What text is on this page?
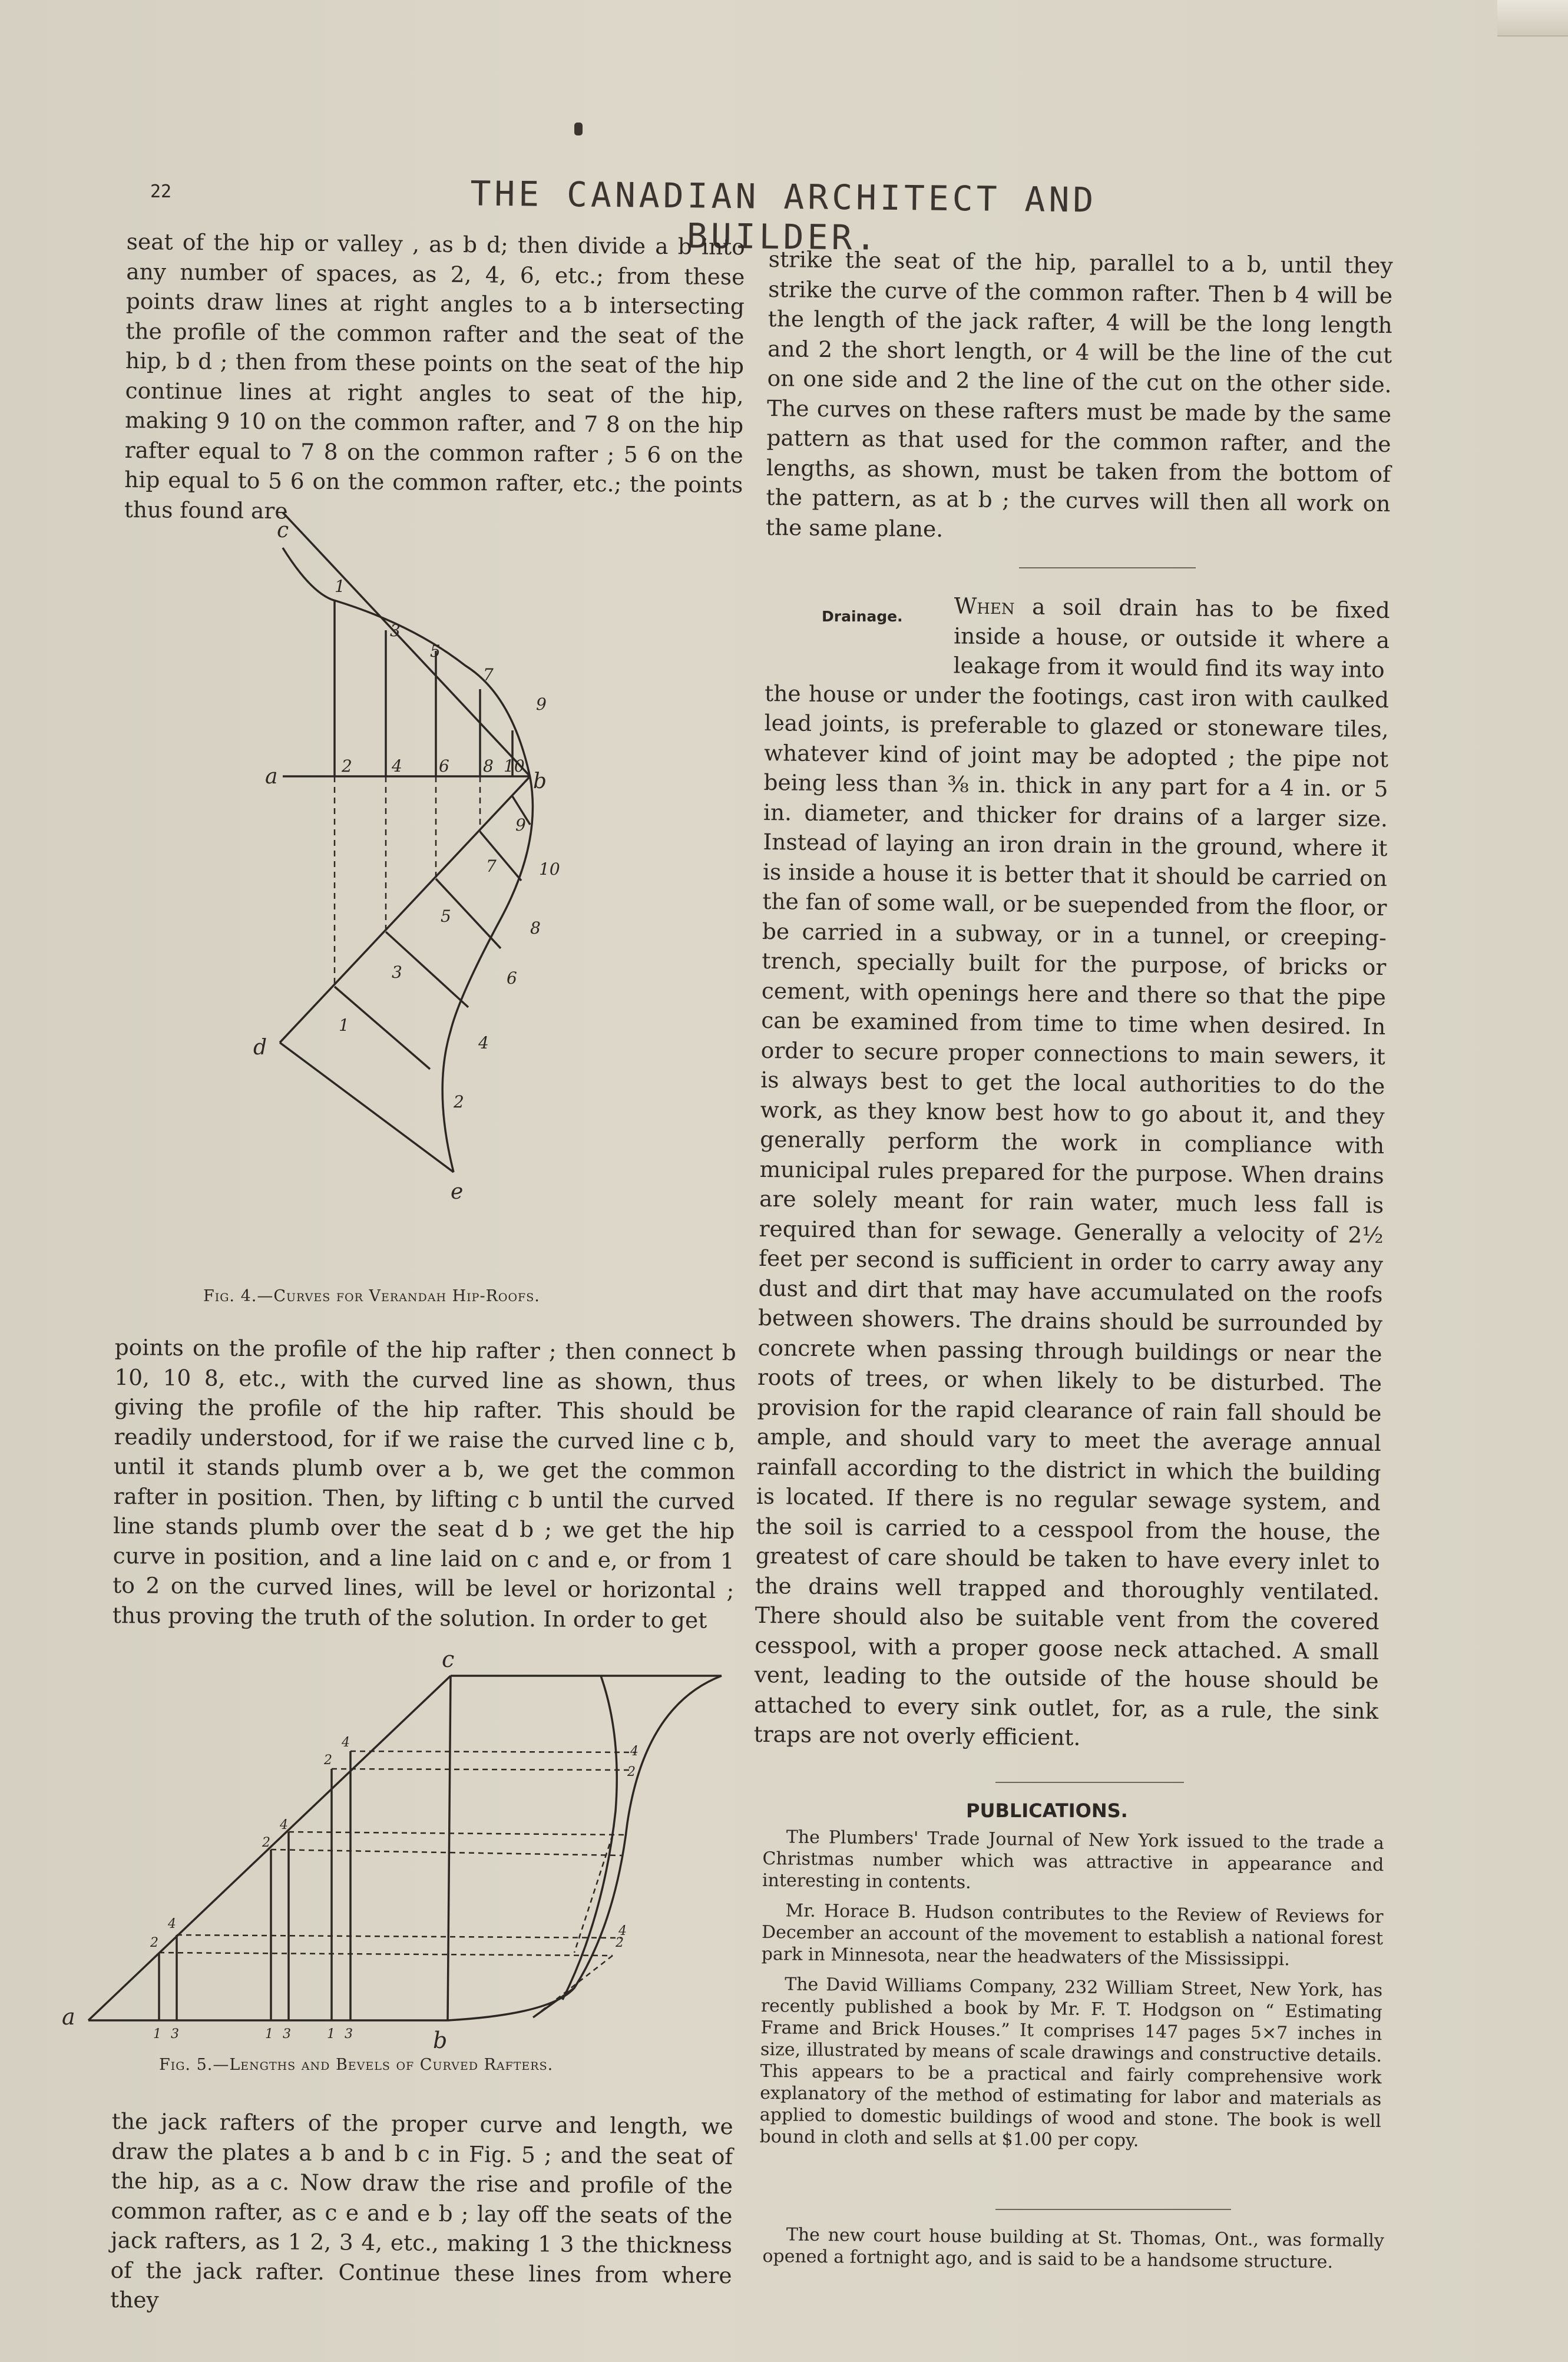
22	THE CANADIAN ARCHITECT AND BUILDER.

seat of the hip or valley , as b d; then divide a b into any number of spaces, as 2, 4, 6, etc.; from these points draw lines at right angles to a b intersecting the profile of the common rafter and the seat of the hip, b d ; then from these points on the seat of the hip continue lines at right angles to seat of the hip, making 9 10 on the common rafter, and 7 8 on the hip rafter equal to 7 8 on the common rafter ; 5 6 on the hip equal to 5 6 on the common rafter, etc.; the points thus found are

c
a	b
d
e
1
3
5
7
9
2 4 6 8 10
9
10
7
8
5
6
3
4
1
2
Fig. 4.—Curves for Verandah Hip-Roofs.

points on the profile of the hip rafter ; then connect b 10, 10 8, etc., with the curved line as shown, thus giving the profile of the hip rafter. This should be readily understood, for if we raise the curved line c b, until it stands plumb over a b, we get the common rafter in position. Then, by lifting c b until the curved line stands plumb over the seat d b ; we get the hip curve in position, and a line laid on c and e, or from 1 to 2 on the curved lines, will be level or horizontal ; thus proving the truth of the solution. In order to get

a
c
2
4
2
4
2
4
4
2
4
2
1 3	1 3	1 3	b
Fig. 5.—Lengths and Bevels of Curved Rafters.

the jack rafters of the proper curve and length, we draw the plates a b and b c in Fig. 5 ; and the seat of the hip, as a c. Now draw the rise and profile of the common rafter, as c e and e b ; lay off the seats of the jack rafters, as 1 2, 3 4, etc., making 1 3 the thickness of the jack rafter. Continue these lines from where they

strike the seat of the hip, parallel to a b, until they strike the curve of the common rafter. Then b 4 will be the length of the jack rafter, 4 will be the long length and 2 the short length, or 4 will be the line of the cut on one side and 2 the line of the cut on the other side. The curves on these rafters must be made by the same pattern as that used for the common rafter, and the lengths, as shown, must be taken from the bottom of the pattern, as at b ; the curves will then all work on the same plane.

Drainage. When a soil drain has to be fixed inside a house, or outside it where a leakage from it would find its way into

the house or under the footings, cast iron with caulked lead joints, is preferable to glazed or stoneware tiles, whatever kind of joint may be adopted ; the pipe not being less than ⅜ in. thick in any part for a 4 in. or 5 in. diameter, and thicker for drains of a larger size. Instead of laying an iron drain in the ground, where it is inside a house it is better that it should be carried on the fan of some wall, or be suepended from the floor, or be carried in a subway, or in a tunnel, or creeping-trench, specially built for the purpose, of bricks or cement, with openings here and there so that the pipe can be examined from time to time when desired. In order to secure proper connections to main sewers, it is always best to get the local authorities to do the work, as they know best how to go about it, and they generally perform the work in compliance with municipal rules prepared for the purpose. When drains are solely meant for rain water, much less fall is required than for sewage. Generally a velocity of 2½ feet per second is sufficient in order to carry away any dust and dirt that may have accumulated on the roofs between showers. The drains should be surrounded by concrete when passing through buildings or near the roots of trees, or when likely to be disturbed. The provision for the rapid clearance of rain fall should be ample, and should vary to meet the average annual rainfall according to the district in which the building is located. If there is no regular sewage system, and the soil is carried to a cesspool from the house, the greatest of care should be taken to have every inlet to the drains well trapped and thoroughly ventilated. There should also be suitable vent from the covered cesspool, with a proper goose neck attached. A small vent, leading to the outside of the house should be attached to every sink outlet, for, as a rule, the sink traps are not overly efficient.

PUBLICATIONS.

The Plumbers' Trade Journal of New York issued to the trade a Christmas number which was attractive in appearance and interesting in contents.

Mr. Horace B. Hudson contributes to the Review of Reviews for December an account of the movement to establish a national forest park in Minnesota, near the headwaters of the Mississippi.

The David Williams Company, 232 William Street, New York, has recently published a book by Mr. F. T. Hodgson on “ Estimating Frame and Brick Houses.” It comprises 147 pages 5×7 inches in size, illustrated by means of scale drawings and constructive details. This appears to be a practical and fairly comprehensive work explanatory of the method of estimating for labor and materials as applied to domestic buildings of wood and stone. The book is well bound in cloth and sells at $1.00 per copy.

The new court house building at St. Thomas, Ont., was formally opened a fortnight ago, and is said to be a handsome structure.
